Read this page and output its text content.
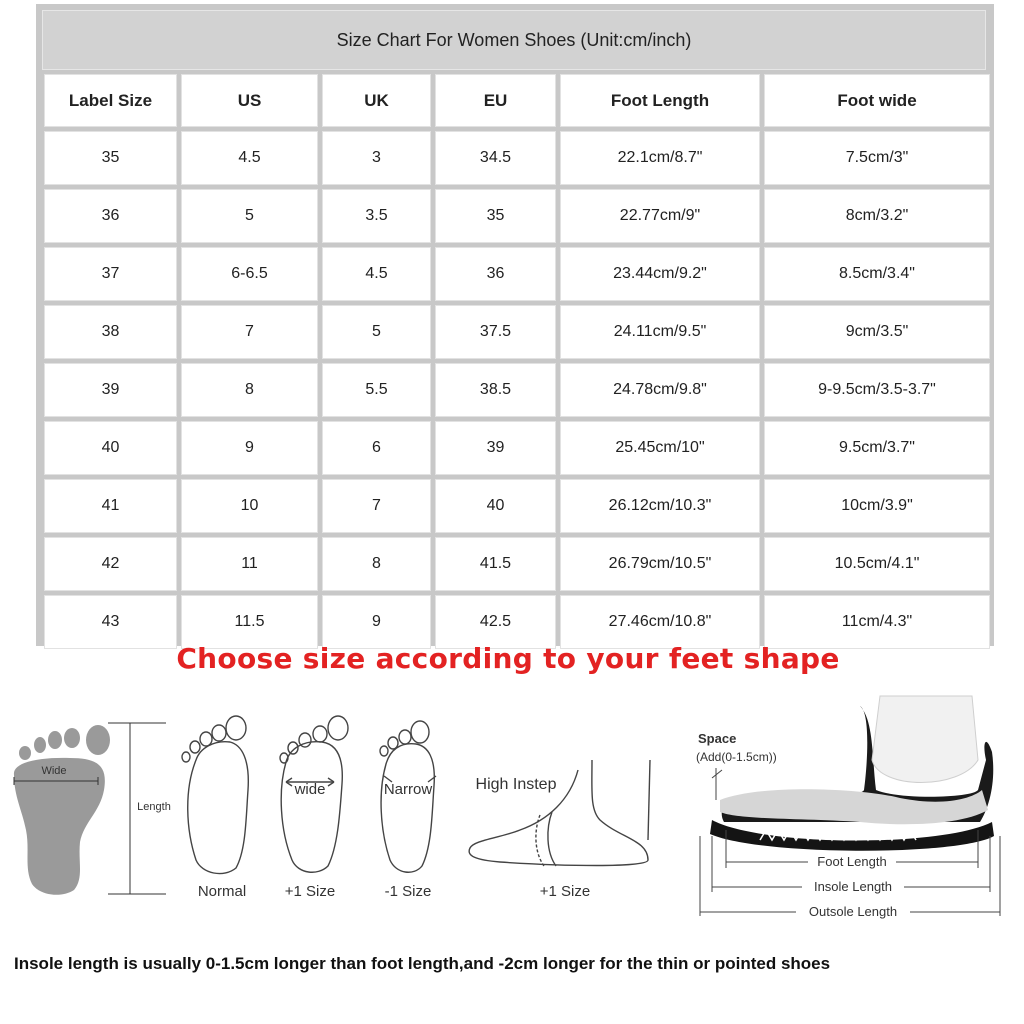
Size Chart For Women Shoes (Unit:cm/inch)
Label Size	US	UK	EU	Foot Length	Foot wide
35	4.5	3	34.5	22.1cm/8.7"	7.5cm/3"
36	5	3.5	35	22.77cm/9"	8cm/3.2"
37	6-6.5	4.5	36	23.44cm/9.2"	8.5cm/3.4"
38	7	5	37.5	24.11cm/9.5"	9cm/3.5"
39	8	5.5	38.5	24.78cm/9.8"	9-9.5cm/3.5-3.7"
40	9	6	39	25.45cm/10"	9.5cm/3.7"
41	10	7	40	26.12cm/10.3"	10cm/3.9"
42	11	8	41.5	26.79cm/10.5"	10.5cm/4.1"
43	11.5	9	42.5	27.46cm/10.8"	11cm/4.3"
Choose size according to your feet shape
Wide
Length
Normal
wide
+1 Size
Narrow
-1 Size
High Instep
+1 Size
Space
(Add(0-1.5cm))
Foot Length
Insole Length
Outsole Length
Insole length is usually 0-1.5cm longer than foot length,and -2cm longer for the thin or pointed shoes
